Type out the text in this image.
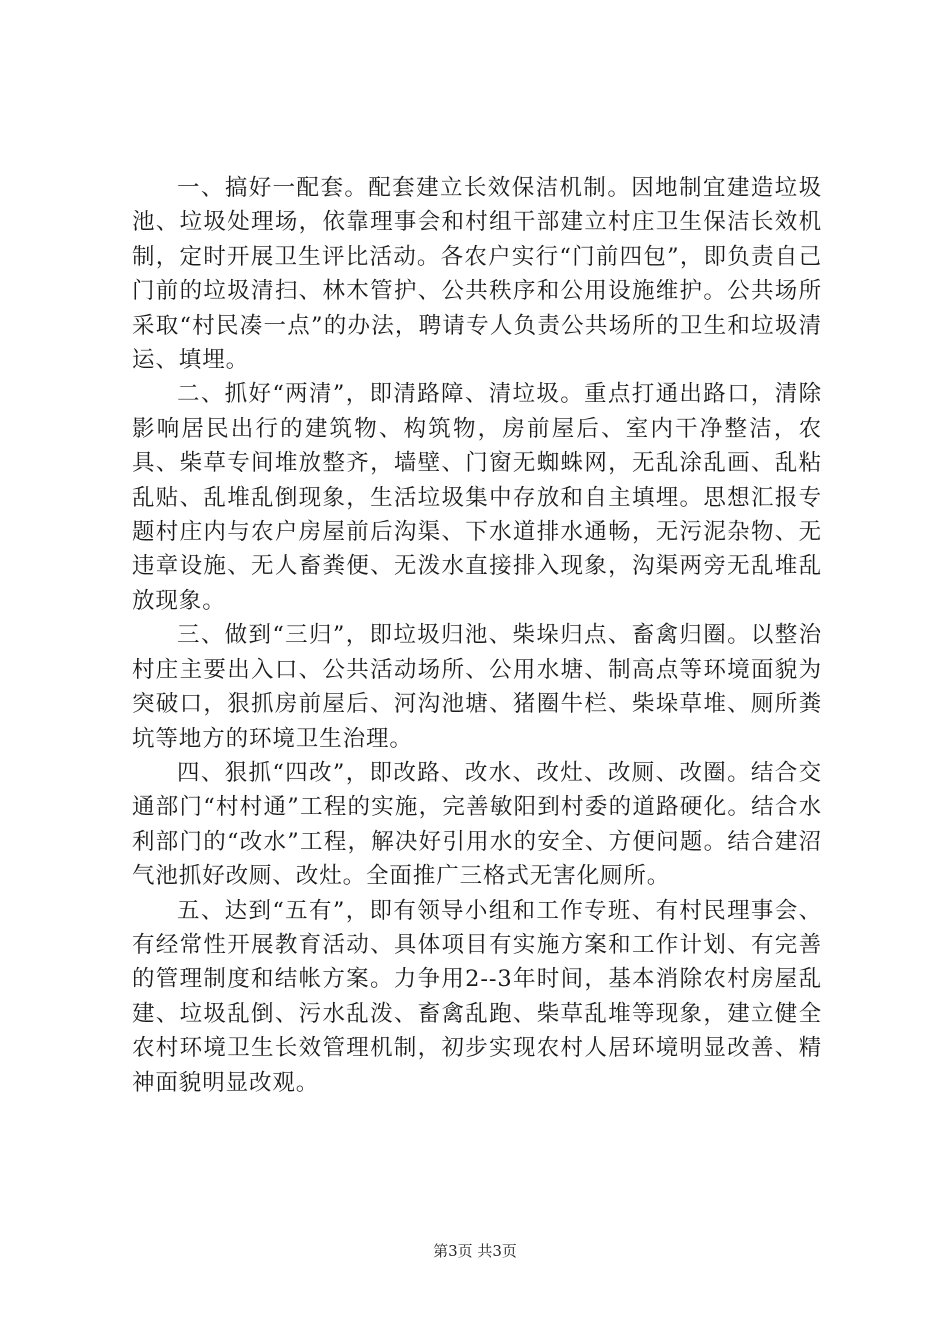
一、搞好一配套。配套建立长效保洁机制。因地制宜建造垃圾池、垃圾处理场，依靠理事会和村组干部建立村庄卫生保洁长效机制，定时开展卫生评比活动。各农户实行“门前四包”，即负责自己门前的垃圾清扫、林木管护、公共秩序和公用设施维护。公共场所采取“村民凑一点”的办法，聘请专人负责公共场所的卫生和垃圾清运、填埋。

二、抓好“两清”，即清路障、清垃圾。重点打通出路口，清除影响居民出行的建筑物、构筑物，房前屋后、室内干净整洁，农具、柴草专间堆放整齐，墙壁、门窗无蜘蛛网，无乱涂乱画、乱粘乱贴、乱堆乱倒现象，生活垃圾集中存放和自主填埋。思想汇报专题村庄内与农户房屋前后沟渠、下水道排水通畅，无污泥杂物、无违章设施、无人畜粪便、无泼水直接排入现象，沟渠两旁无乱堆乱放现象。

三、做到“三归”，即垃圾归池、柴垛归点、畜禽归圈。以整治村庄主要出入口、公共活动场所、公用水塘、制高点等环境面貌为突破口，狠抓房前屋后、河沟池塘、猪圈牛栏、柴垛草堆、厕所粪坑等地方的环境卫生治理。

四、狠抓“四改”，即改路、改水、改灶、改厕、改圈。结合交通部门“村村通”工程的实施，完善敏阳到村委的道路硬化。结合水利部门的“改水”工程，解决好引用水的安全、方便问题。结合建沼气池抓好改厕、改灶。全面推广三格式无害化厕所。

五、达到“五有”，即有领导小组和工作专班、有村民理事会、有经常性开展教育活动、具体项目有实施方案和工作计划、有完善的管理制度和结帐方案。力争用2--3年时间，基本消除农村房屋乱建、垃圾乱倒、污水乱泼、畜禽乱跑、柴草乱堆等现象，建立健全农村环境卫生长效管理机制，初步实现农村人居环境明显改善、精神面貌明显改观。

第3页 共3页
